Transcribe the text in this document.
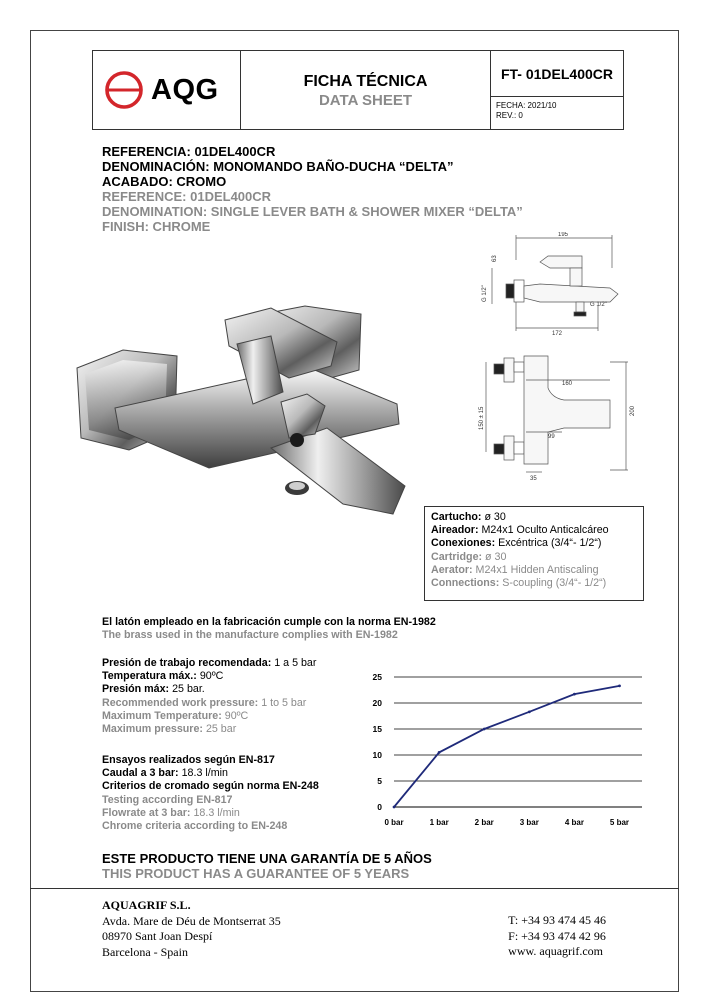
AQG	FICHA TÉCNICA
DATA SHEET
FT- 01DEL400CR
FECHA: 2021/10
REV.: 0
REFERENCIA: 01DEL400CR
DENOMINACIÓN: MONOMANDO BAÑO-DUCHA “DELTA”
ACABADO: CROMO
REFERENCE: 01DEL400CR
DENOMINATION: SINGLE LEVER BATH & SHOWER MIXER “DELTA”
FINISH: CHROME
195
172
G 1/2"
63
G 1/2"
160
200
99
150 ± 15
35
Cartucho: ø 30
Aireador: M24x1 Oculto Anticalcáreo
Conexiones: Excéntrica (3/4“- 1/2“)
Cartridge: ø 30
Aerator: M24x1 Hidden Antiscaling
Connections: S-coupling (3/4“- 1/2“)
El latón empleado en la fabricación cumple con la norma EN-1982
The brass used in the manufacture complies with EN-1982
Presión de trabajo recomendada: 1 a 5 bar
Temperatura máx.: 90ºC
Presión máx: 25 bar.
Recommended work pressure: 1 to 5 bar
Maximum Temperature: 90ºC
Maximum pressure: 25 bar
Ensayos realizados según EN-817
Caudal a 3 bar: 18.3 l/min
Criterios de cromado según norma EN-248
Testing according EN-817
Flowrate at 3 bar: 18.3 l/min
Chrome criteria according to EN-248
0
5
10
15
20
25
0 bar	1 bar	2 bar	3 bar	4 bar	5 bar
ESTE PRODUCTO TIENE UNA GARANTÍA DE 5 AÑOS
THIS PRODUCT HAS A GUARANTEE OF 5 YEARS
AQUAGRIF S.L.
Avda. Mare de Déu de Montserrat 35
08970 Sant Joan Despí
Barcelona - Spain
T: +34 93 474 45 46
F: +34 93 474 42 96
www. aquagrif.com
